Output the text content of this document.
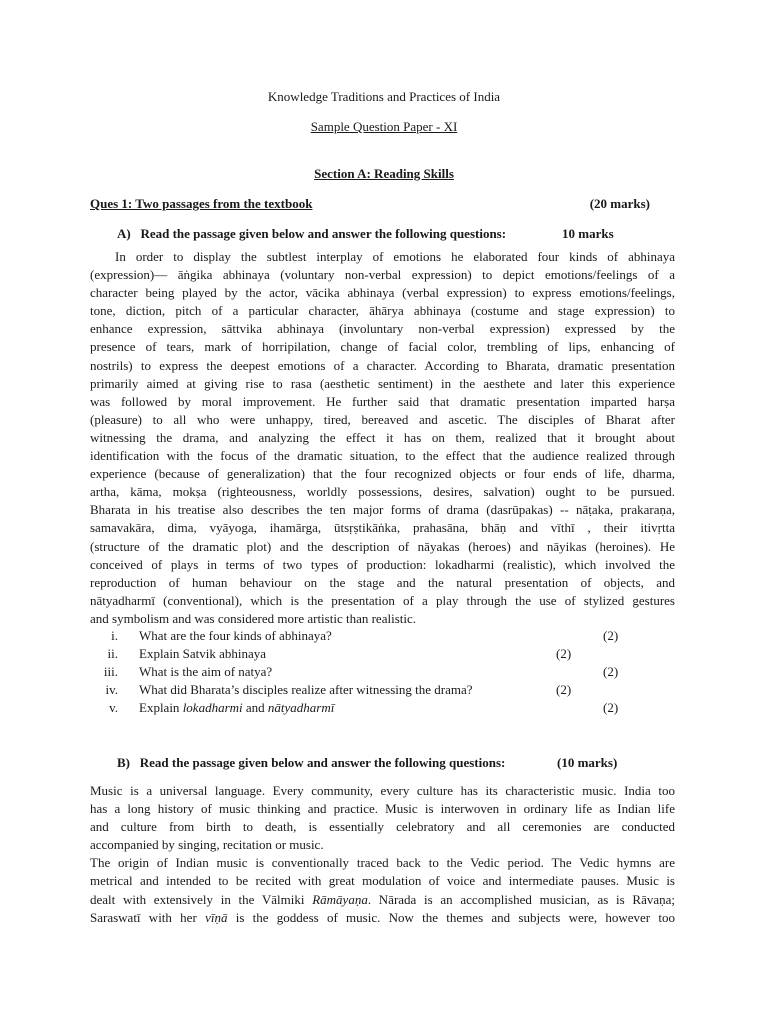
Knowledge Traditions and Practices of India
Sample Question Paper - XI
Section A: Reading Skills
Ques 1: Two passages from the textbook	(20 marks)
A)   Read the passage given below and answer the following questions:	10 marks
In order to display the subtlest interplay of emotions he elaborated four kinds of abhinaya
(expression)— āṅgika abhinaya (voluntary non-verbal expression) to depict emotions/feelings of a
character being played by the actor, vācika abhinaya (verbal expression) to express emotions/feelings,
tone, diction, pitch of a particular character, āhārya abhinaya (costume and stage expression) to
enhance expression, sāttvika abhinaya (involuntary non-verbal expression) expressed by the
presence of tears, mark of horripilation, change of facial color, trembling of lips, enhancing of
nostrils) to express the deepest emotions of a character. According to Bharata, dramatic presentation
primarily aimed at giving rise to rasa (aesthetic sentiment) in the aesthete and later this experience
was followed by moral improvement. He further said that dramatic presentation imparted harṣa
(pleasure) to all who were unhappy, tired, bereaved and ascetic. The disciples of Bharat after
witnessing the drama, and analyzing the effect it has on them, realized that it brought about
identification with the focus of the dramatic situation, to the effect that the audience realized through
experience (because of generalization) that the four recognized objects or four ends of life, dharma,
artha, kāma, mokṣa (righteousness, worldly possessions, desires, salvation) ought to be pursued.
Bharata in his treatise also describes the ten major forms of drama (dasrūpakas) -- nāṭaka, prakaraṇa,
samavakāra, dima, vyāyoga, ihamārga, ūtsṛṣtikāṅka, prahasāna, bhāṇ and vīthī , their itivṛtta
(structure of the dramatic plot) and the description of nāyakas (heroes) and nāyikas (heroines). He
conceived of plays in terms of two types of production: lokadharmi (realistic), which involved the
reproduction of human behaviour on the stage and the natural presentation of objects, and
nātyadharmī (conventional), which is the presentation of a play through the use of stylized gestures
and symbolism and was considered more artistic than realistic.
i. What are the four kinds of abhinaya?	(2)
ii. Explain Satvik abhinaya	(2)
iii. What is the aim of natya?	(2)
iv. What did Bharata’s disciples realize after witnessing the drama?	(2)
v. Explain lokadharmi and nātyadharmī	(2)
B)   Read the passage given below and answer the following questions:	(10 marks)
Music is a universal language. Every community, every culture has its characteristic music. India too
has a long history of music thinking and practice. Music is interwoven in ordinary life as Indian life
and culture from birth to death, is essentially celebratory and all ceremonies are conducted
accompanied by singing, recitation or music.
The origin of Indian music is conventionally traced back to the Vedic period. The Vedic hymns are
metrical and intended to be recited with great modulation of voice and intermediate pauses. Music is
dealt with extensively in the Vālmiki Rāmāyaṇa. Nārada is an accomplished musician, as is Rāvaṇa;
Saraswatī with her vīṇā is the goddess of music. Now the themes and subjects were, however too
